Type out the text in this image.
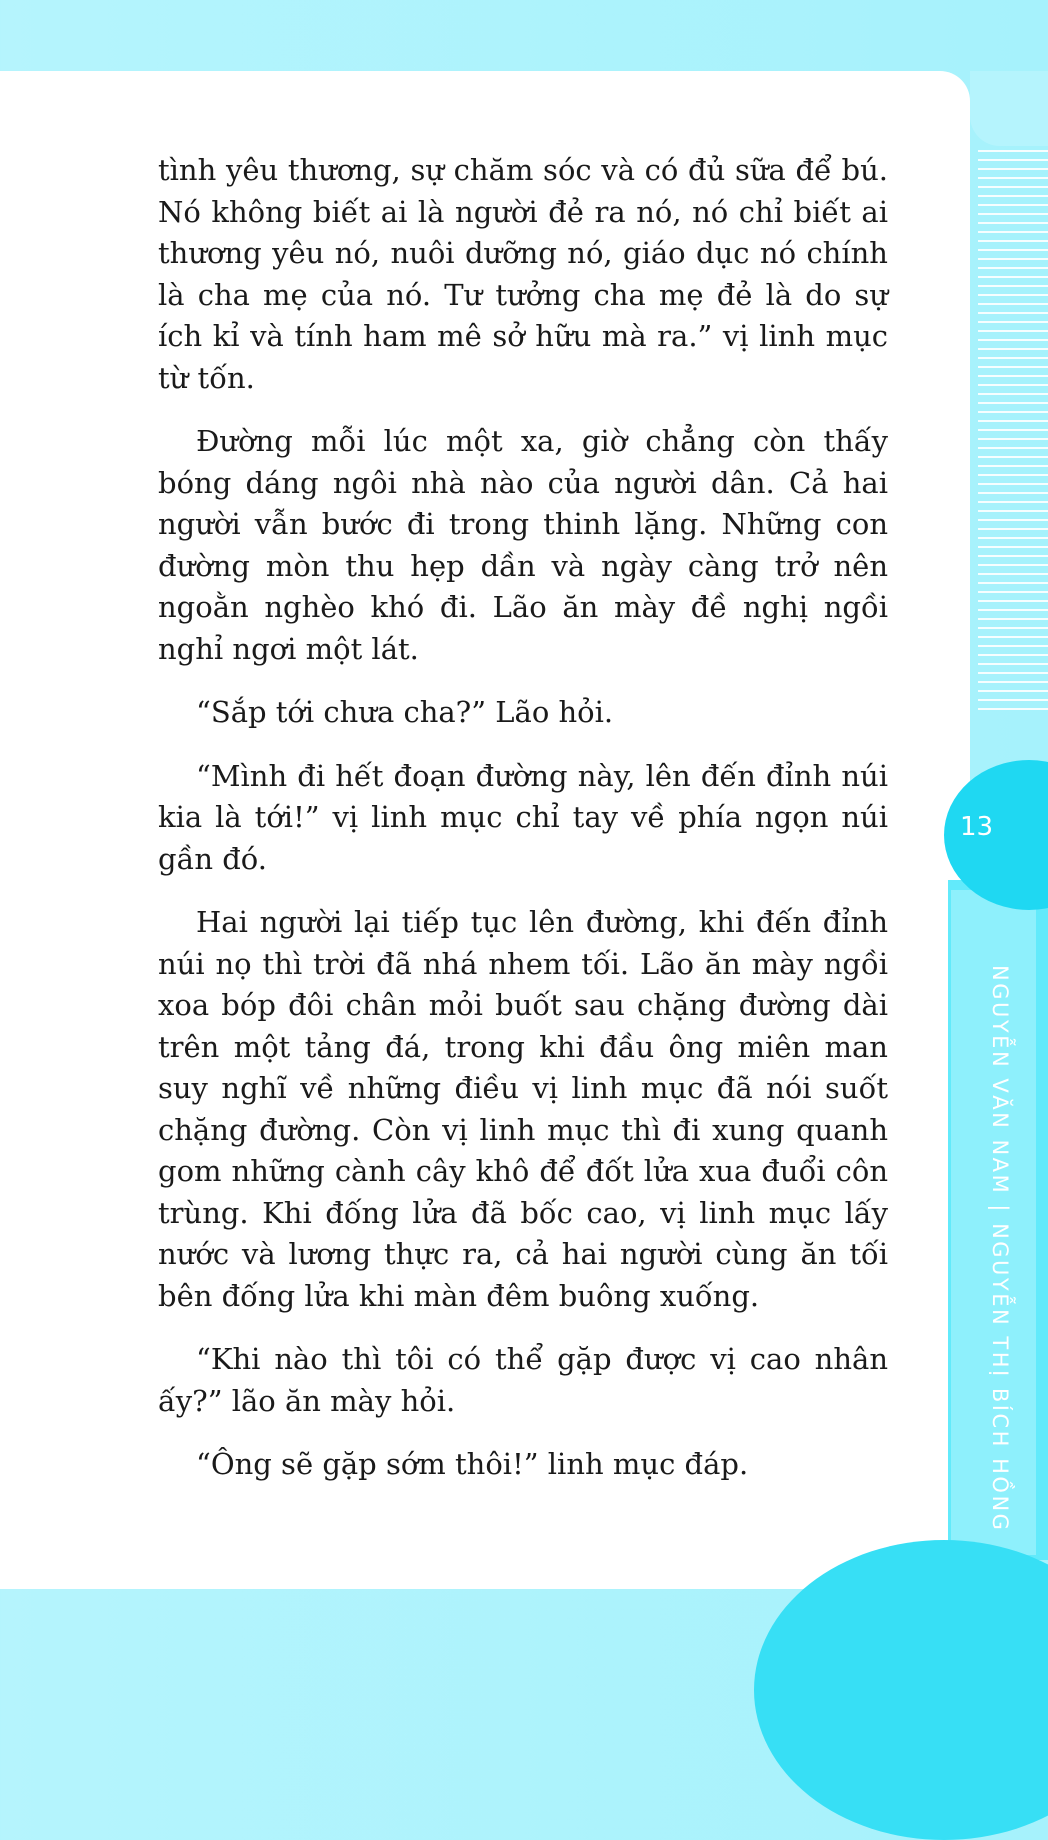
13
NGUYỄN VĂN NAM | NGUYỄN THỊ BÍCH HỒNG

tình yêu thương, sự chăm sóc và có đủ sữa để bú. Nó không biết ai là người đẻ ra nó, nó chỉ biết ai thương yêu nó, nuôi dưỡng nó, giáo dục nó chính là cha mẹ của nó. Tư tưởng cha mẹ đẻ là do sự ích kỉ và tính ham mê sở hữu mà ra.” vị linh mục từ tốn.

Đường mỗi lúc một xa, giờ chẳng còn thấy bóng dáng ngôi nhà nào của người dân. Cả hai người vẫn bước đi trong thinh lặng. Những con đường mòn thu hẹp dần và ngày càng trở nên ngoằn nghèo khó đi. Lão ăn mày đề nghị ngồi nghỉ ngơi một lát.

“Sắp tới chưa cha?” Lão hỏi.

“Mình đi hết đoạn đường này, lên đến đỉnh núi kia là tới!” vị linh mục chỉ tay về phía ngọn núi gần đó.

Hai người lại tiếp tục lên đường, khi đến đỉnh núi nọ thì trời đã nhá nhem tối. Lão ăn mày ngồi xoa bóp đôi chân mỏi buốt sau chặng đường dài trên một tảng đá, trong khi đầu ông miên man suy nghĩ về những điều vị linh mục đã nói suốt chặng đường. Còn vị linh mục thì đi xung quanh gom những cành cây khô để đốt lửa xua đuổi côn trùng. Khi đống lửa đã bốc cao, vị linh mục lấy nước và lương thực ra, cả hai người cùng ăn tối bên đống lửa khi màn đêm buông xuống.

“Khi nào thì tôi có thể gặp được vị cao nhân ấy?” lão ăn mày hỏi.

“Ông sẽ gặp sớm thôi!” linh mục đáp.
